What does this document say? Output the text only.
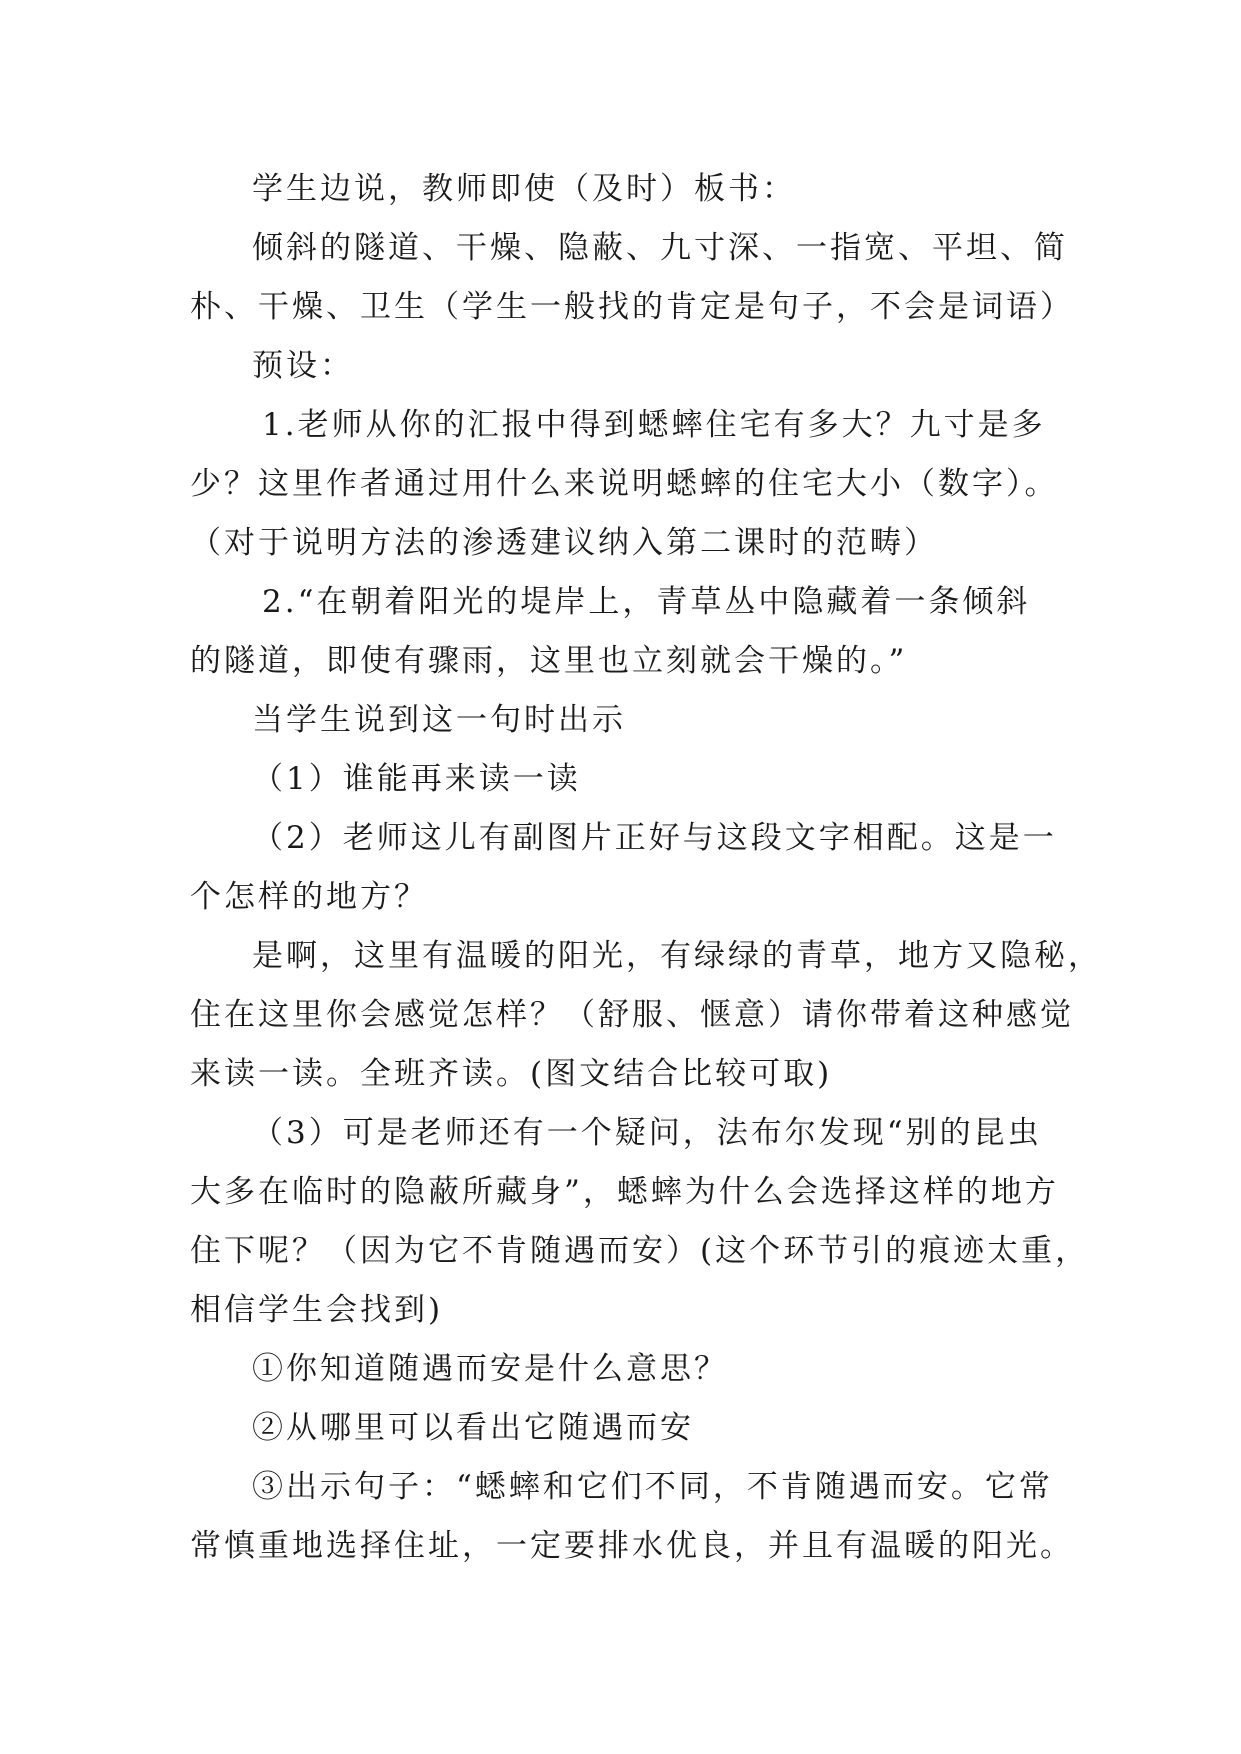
学生边说，教师即使（及时）板书：
倾斜的隧道、干燥、隐蔽、九寸深、一指宽、平坦、简
朴、干燥、卫生（学生一般找的肯定是句子，不会是词语）
预设：
1.老师从你的汇报中得到蟋蟀住宅有多大？九寸是多
少？这里作者通过用什么来说明蟋蟀的住宅大小（数字）。
（对于说明方法的渗透建议纳入第二课时的范畴）
2.“在朝着阳光的堤岸上，青草丛中隐藏着一条倾斜
的隧道，即使有骤雨，这里也立刻就会干燥的。”
当学生说到这一句时出示
（1）谁能再来读一读
（2）老师这儿有副图片正好与这段文字相配。这是一
个怎样的地方？
是啊，这里有温暖的阳光，有绿绿的青草，地方又隐秘，
住在这里你会感觉怎样？（舒服、惬意）请你带着这种感觉
来读一读。全班齐读。(图文结合比较可取)
（3）可是老师还有一个疑问，法布尔发现“别的昆虫
大多在临时的隐蔽所藏身”，蟋蟀为什么会选择这样的地方
住下呢？（因为它不肯随遇而安）(这个环节引的痕迹太重，
相信学生会找到)
①你知道随遇而安是什么意思？
②从哪里可以看出它随遇而安
③出示句子：“蟋蟀和它们不同，不肯随遇而安。它常
常慎重地选择住址，一定要排水优良，并且有温暖的阳光。
